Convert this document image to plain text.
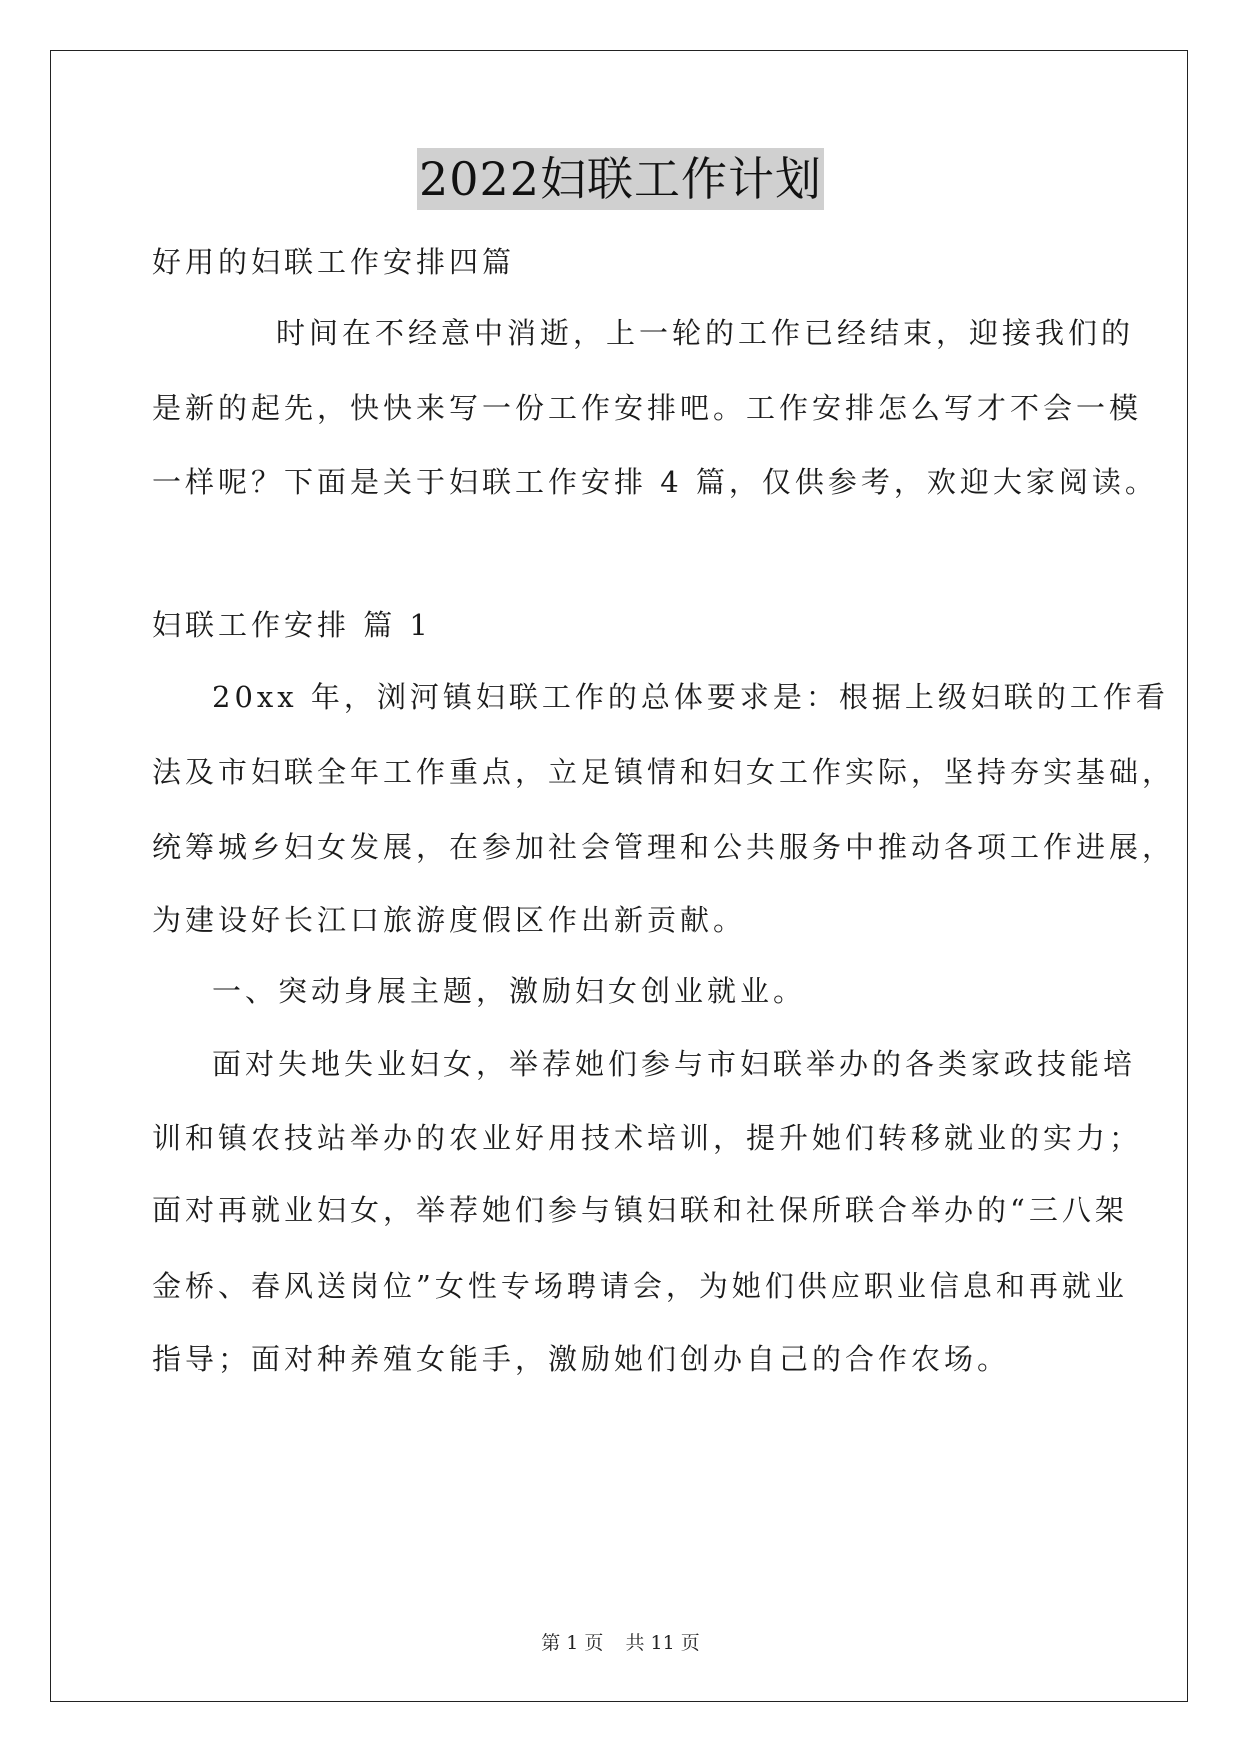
2022妇联工作计划
好用的妇联工作安排四篇
时间在不经意中消逝，上一轮的工作已经结束，迎接我们的
是新的起先，快快来写一份工作安排吧。工作安排怎么写才不会一模
一样呢？下面是关于妇联工作安排 4 篇，仅供参考，欢迎大家阅读。
妇联工作安排 篇 1
20xx 年，浏河镇妇联工作的总体要求是：根据上级妇联的工作看
法及市妇联全年工作重点，立足镇情和妇女工作实际，坚持夯实基础，
统筹城乡妇女发展，在参加社会管理和公共服务中推动各项工作进展，
为建设好长江口旅游度假区作出新贡献。
一、突动身展主题，激励妇女创业就业。
面对失地失业妇女，举荐她们参与市妇联举办的各类家政技能培
训和镇农技站举办的农业好用技术培训，提升她们转移就业的实力；
面对再就业妇女，举荐她们参与镇妇联和社保所联合举办的“三八架
金桥、春风送岗位”女性专场聘请会，为她们供应职业信息和再就业
指导；面对种养殖女能手，激励她们创办自己的合作农场。
第 1 页 共 11 页
